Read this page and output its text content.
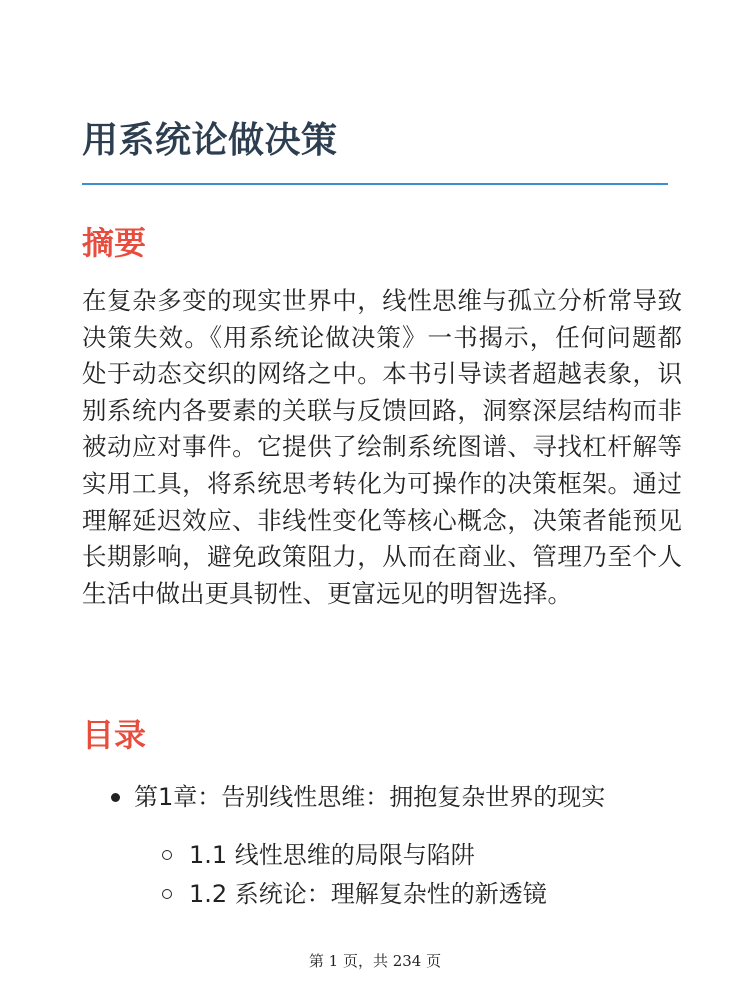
用系统论做决策
摘要

在复杂多变的现实世界中，线性思维与孤立分析常导致决策失效。《用系统论做决策》一书揭示，任何问题都处于动态交织的网络之中。本书引导读者超越表象，识别系统内各要素的关联与反馈回路，洞察深层结构而非被动应对事件。它提供了绘制系统图谱、寻找杠杆解等实用工具，将系统思考转化为可操作的决策框架。通过理解延迟效应、非线性变化等核心概念，决策者能预见长期影响，避免政策阻力，从而在商业、管理乃至个人生活中做出更具韧性、更富远见的明智选择。

目录
第1章：告别线性思维：拥抱复杂世界的现实
1.1 线性思维的局限与陷阱
1.2 系统论：理解复杂性的新透镜
第 1 页，共 234 页
